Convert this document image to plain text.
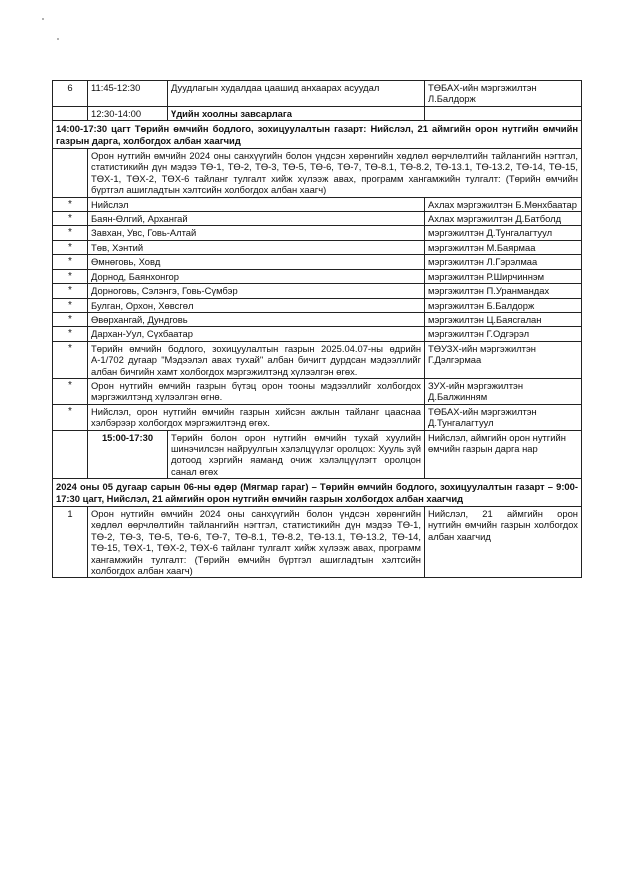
6	11:45-12:30	Дуудлагын худалдаа цаашид анхаарах асуудал	ТӨБАХ-ийн мэргэжилтэн Л.Балдорж
	12:30-14:00	Үдийн хоолны завсарлага	
14:00-17:30 цагт Төрийн өмчийн бодлого, зохицуулалтын газарт: Нийслэл, 21 аймгийн орон нутгийн өмчийн газрын дарга, холбогдох албан хаагчид			
	Орон нутгийн өмчийн 2024 оны санхүүгийн болон үндсэн хөрөнгийн хөдлөл өөрчлөлтийн тайлангийн нэгтгэл, статистикийн дүн мэдээ ТӨ-1, ТӨ-2, ТӨ-3, ТӨ-5, ТӨ-6, ТӨ-7, ТӨ-8.1, ТӨ-8.2, ТӨ-13.1, ТӨ-13.2, ТӨ-14, ТӨ-15, ТӨХ-1, ТӨХ-2, ТӨХ-6 тайланг тулгалт хийж хүлээж авах, программ хангамжийн тулгалт: (Төрийн өмчийн бүртгэл ашигладтын хэлтсийн холбогдох албан хаагч)		
*	Нийслэл		Ахлах мэргэжилтэн Б.Мөнхбаатар
*	Баян-Өлгий, Архангай		Ахлах мэргэжилтэн Д.Батболд
*	Завхан, Увс, Говь-Алтай		мэргэжилтэн Д.Тунгалагтуул
*	Төв, Хэнтий		мэргэжилтэн М.Баярмаа
*	Өмнөговь, Ховд		мэргэжилтэн Л.Гэрэлмаа
*	Дорнод, Баянхонгор		мэргэжилтэн Р.Ширчиннэм
*	Дорноговь, Сэлэнгэ, Говь-Сүмбэр		мэргэжилтэн П.Уранмандах
*	Булган, Орхон, Хөвсгөл		мэргэжилтэн Б.Балдорж
*	Өвөрхангай, Дундговь		мэргэжилтэн Ц.Баясгалан
*	Дархан-Уул, Сүхбаатар		мэргэжилтэн Г.Одгэрэл
*	Төрийн өмчийн бодлого, зохицуулалтын газрын 2025.04.07-ны өдрийн А-1/702 дугаар "Мэдээлэл авах тухай" албан бичигт дурдсан мэдээллийг албан бичгийн хамт холбогдох мэргэжилтэнд хүлээлгэн өгөх.		ТӨУЗХ-ийн мэргэжилтэн Г.Дэлгэрмаа
*	Орон нутгийн өмчийн газрын бүтэц орон тооны мэдээллийг холбогдох мэргэжилтэнд хүлээлгэн өгнө.		ЗУХ-ийн мэргэжилтэн Д.Балжинням
*	Нийслэл, орон нутгийн өмчийн газрын хийсэн ажлын тайланг цааснаа хэлбэрээр холбогдох мэргэжилтэнд өгөх.		ТӨБАХ-ийн мэргэжилтэн Д.Тунгалагтуул
	15:00-17:30	Төрийн болон орон нутгийн өмчийн тухай хуулийн шинэчилсэн найруулгын хэлэлцүүлэг оролцох: Хууль зүй дотоод хэргийн яаманд очиж хэлэлцүүлэгт оролцон санал өгөх	Нийслэл, аймгийн орон нутгийн өмчийн газрын дарга нар
2024 оны 05 дугаар сарын 06-ны өдөр (Мягмар гараг) – Төрийн өмчийн бодлого, зохицуулалтын газарт – 9:00-17:30 цагт, Нийслэл, 21 аймгийн орон нутгийн өмчийн газрын холбогдох албан хаагчид			
1	Орон нутгийн өмчийн 2024 оны санхүүгийн болон үндсэн хөрөнгийн хөдлөл өөрчлөлтийн тайлангийн нэгтгэл, статистикийн дүн мэдээ ТӨ-1, ТӨ-2, ТӨ-3, ТӨ-5, ТӨ-6, ТӨ-7, ТӨ-8.1, ТӨ-8.2, ТӨ-13.1, ТӨ-13.2, ТӨ-14, ТӨ-15, ТӨХ-1, ТӨХ-2, ТӨХ-6 тайланг тулгалт хийж хүлээж авах, программ хангамжийн тулгалт: (Төрийн өмчийн бүртгэл ашигладтын хэлтсийн холбогдох албан хаагч)		Нийслэл, 21 аймгийн орон нутгийн өмчийн газрын холбогдох албан хаагчид
